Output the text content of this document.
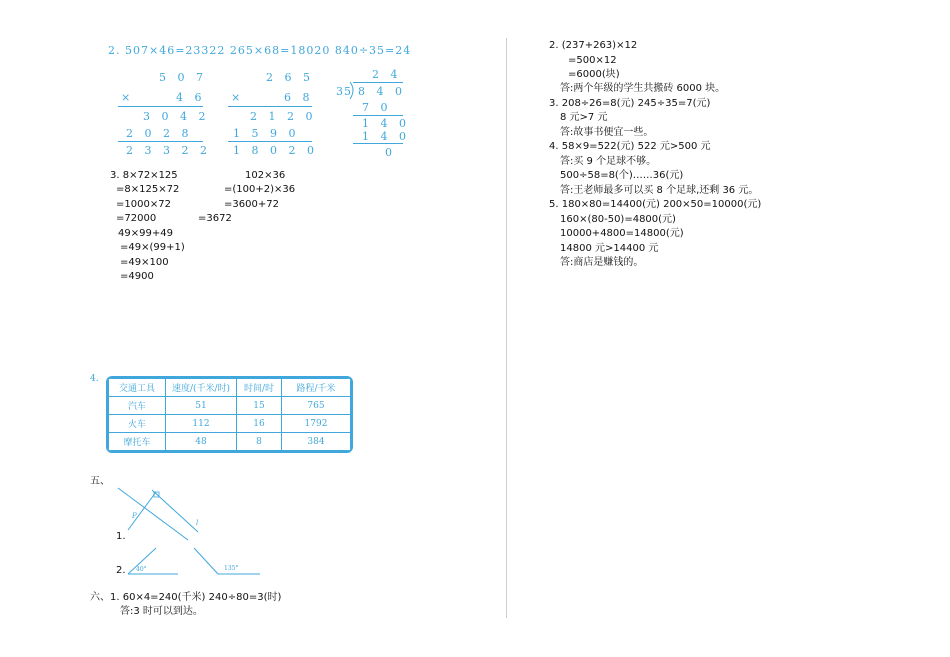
2. 507×46=23322 265×68=18020 840÷35=24
5 0 7
×	4 6
3 0 4 2
2 0 2 8
2 3 3 2 2
2 6 5
×	6 8
2 1 2 0
1 5 9 0
1 8 0 2 0
2 4
35 8 4 0
7 0
1 4 0
1 4 0
0
3. 8×72×125
=8×125×72
=1000×72
=72000
102×36
=(100+2)×36
=3600+72
=3672
49×99+49
=49×(99+1)
=49×100
=4900
4.
交通工具	速度/(千米/时)	时间/时	路程/千米
汽车	51	15	765
火车	112	16	1792
摩托车	48	8	384
五、
P
l
40°	135°
1.
2.
六、1. 60×4=240(千米) 240÷80=3(时)
答:3 时可以到达。
2. (237+263)×12
=500×12
=6000(块)
答:两个年级的学生共搬砖 6000 块。
3. 208÷26=8(元) 245÷35=7(元)
8 元>7 元
答:故事书便宜一些。
4. 58×9=522(元) 522 元>500 元
答:买 9 个足球不够。
500÷58=8(个)……36(元)
答:王老师最多可以买 8 个足球,还剩 36 元。
5. 180×80=14400(元) 200×50=10000(元)
160×(80-50)=4800(元)
10000+4800=14800(元)
14800 元>14400 元
答:商店是赚钱的。
